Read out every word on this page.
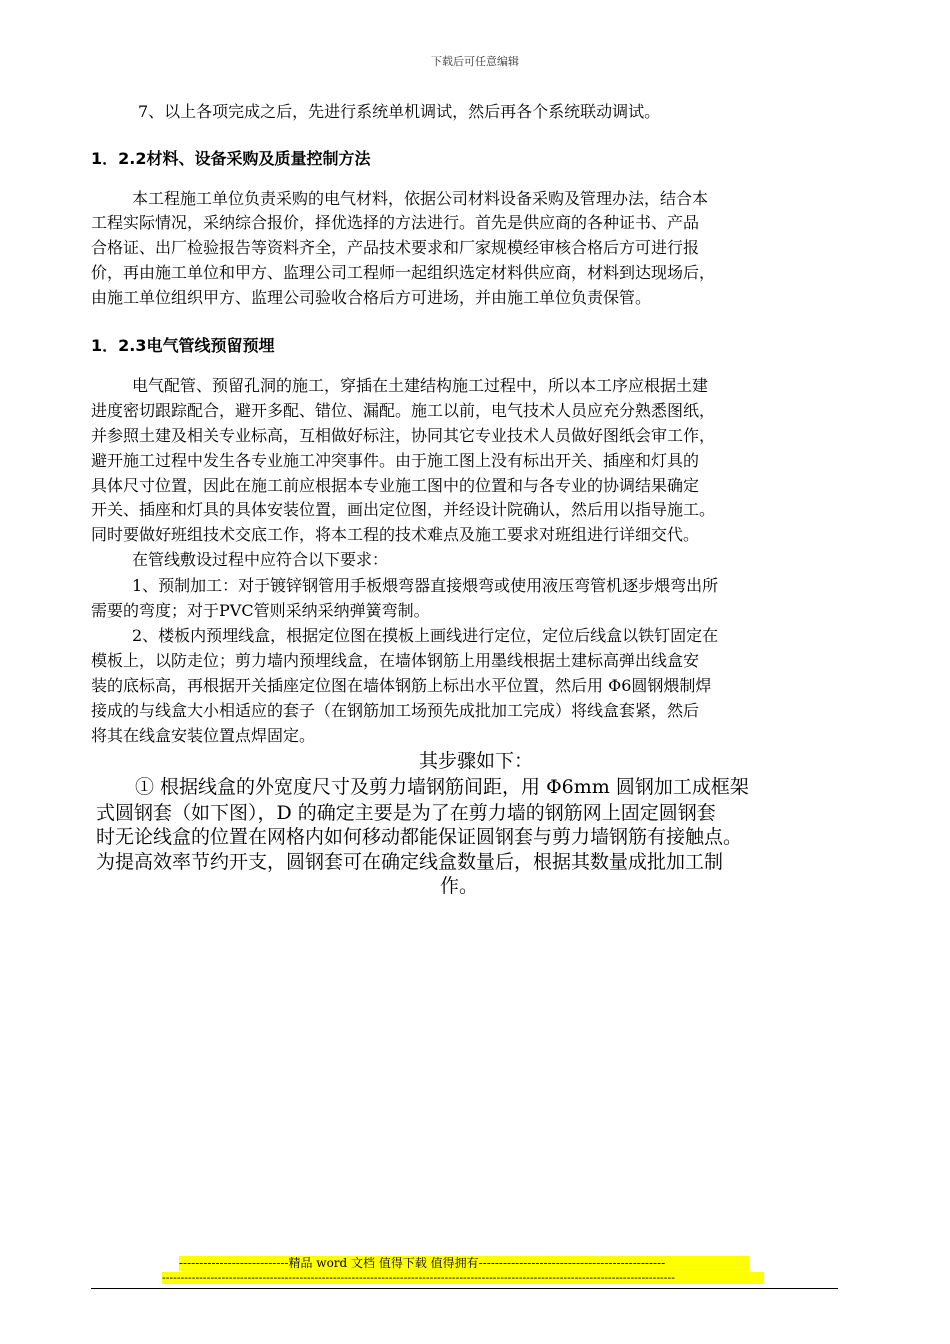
下载后可任意编辑
7、以上各项完成之后，先进行系统单机调试，然后再各个系统联动调试。
1．2.2材料、设备采购及质量控制方法
本工程施工单位负责采购的电气材料，依据公司材料设备采购及管理办法，结合本
工程实际情况，采纳综合报价，择优选择的方法进行。首先是供应商的各种证书、产品
合格证、出厂检验报告等资料齐全，产品技术要求和厂家规模经审核合格后方可进行报
价，再由施工单位和甲方、监理公司工程师一起组织选定材料供应商，材料到达现场后，
由施工单位组织甲方、监理公司验收合格后方可进场，并由施工单位负责保管。
1．2.3电气管线预留预埋
电气配管、预留孔洞的施工，穿插在土建结构施工过程中，所以本工序应根据土建
进度密切跟踪配合，避开多配、错位、漏配。施工以前，电气技术人员应充分熟悉图纸，
并参照土建及相关专业标高，互相做好标注，协同其它专业技术人员做好图纸会审工作，
避开施工过程中发生各专业施工冲突事件。由于施工图上没有标出开关、插座和灯具的
具体尺寸位置，因此在施工前应根据本专业施工图中的位置和与各专业的协调结果确定
开关、插座和灯具的具体安装位置，画出定位图，并经设计院确认，然后用以指导施工。
同时要做好班组技术交底工作，将本工程的技术难点及施工要求对班组进行详细交代。
在管线敷设过程中应符合以下要求：
1、预制加工：对于镀锌钢管用手板煨弯器直接煨弯或使用液压弯管机逐步煨弯出所
需要的弯度；对于PVC管则采纳采纳弹簧弯制。
2、楼板内预埋线盒，根据定位图在摸板上画线进行定位，定位后线盒以铁钉固定在
模板上，以防走位；剪力墙内预埋线盒，在墙体钢筋上用墨线根据土建标高弹出线盒安
装的底标高，再根据开关插座定位图在墙体钢筋上标出水平位置，然后用 Φ6圆钢煨制焊
接成的与线盒大小相适应的套子（在钢筋加工场预先成批加工完成）将线盒套紧，然后
将其在线盒安装位置点焊固定。
其步骤如下：
① 根据线盒的外宽度尺寸及剪力墙钢筋间距，用 Φ6mm 圆钢加工成框架
式圆钢套（如下图），D 的确定主要是为了在剪力墙的钢筋网上固定圆钢套
时无论线盒的位置在网格内如何移动都能保证圆钢套与剪力墙钢筋有接触点。
为提高效率节约开支，圆钢套可在确定线盒数量后，根据其数量成批加工制
作。
---------------------------精品 word 文档 值得下载 值得拥有----------------------------------------------
------------------------------------------------------------------------------------------------------------------------------------------
